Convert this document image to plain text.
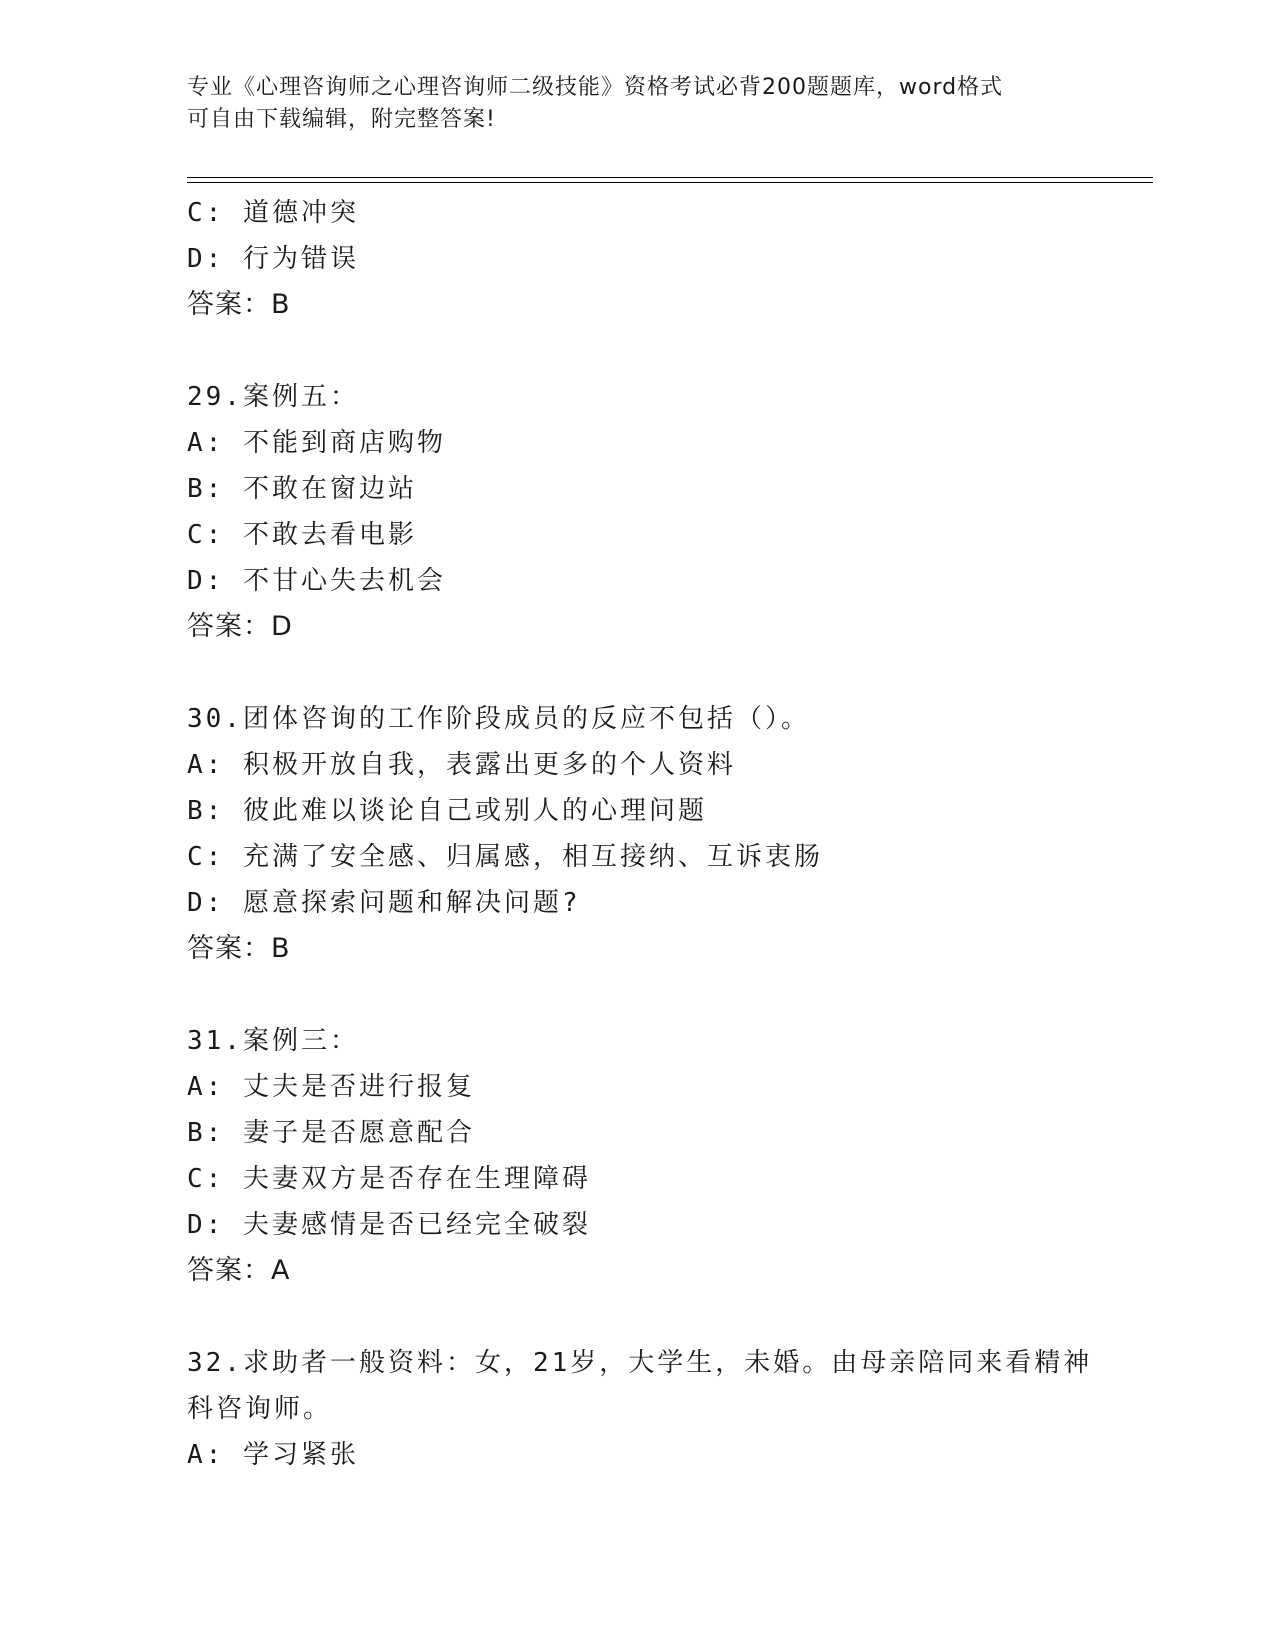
专业《心理咨询师之心理咨询师二级技能》资格考试必背200题题库，word格式
可自由下载编辑，附完整答案!
C: 道德冲突
D: 行为错误
答案：B
29.案例五：
A: 不能到商店购物
B: 不敢在窗边站
C: 不敢去看电影
D: 不甘心失去机会
答案：D
30.团体咨询的工作阶段成员的反应不包括（）。
A: 积极开放自我，表露出更多的个人资料
B: 彼此难以谈论自己或别人的心理问题
C: 充满了安全感、归属感，相互接纳、互诉衷肠
D: 愿意探索问题和解决问题?
答案：B
31.案例三：
A: 丈夫是否进行报复
B: 妻子是否愿意配合
C: 夫妻双方是否存在生理障碍
D: 夫妻感情是否已经完全破裂
答案：A
32.求助者一般资料：女，21岁，大学生，未婚。由母亲陪同来看精神
科咨询师。
A: 学习紧张
